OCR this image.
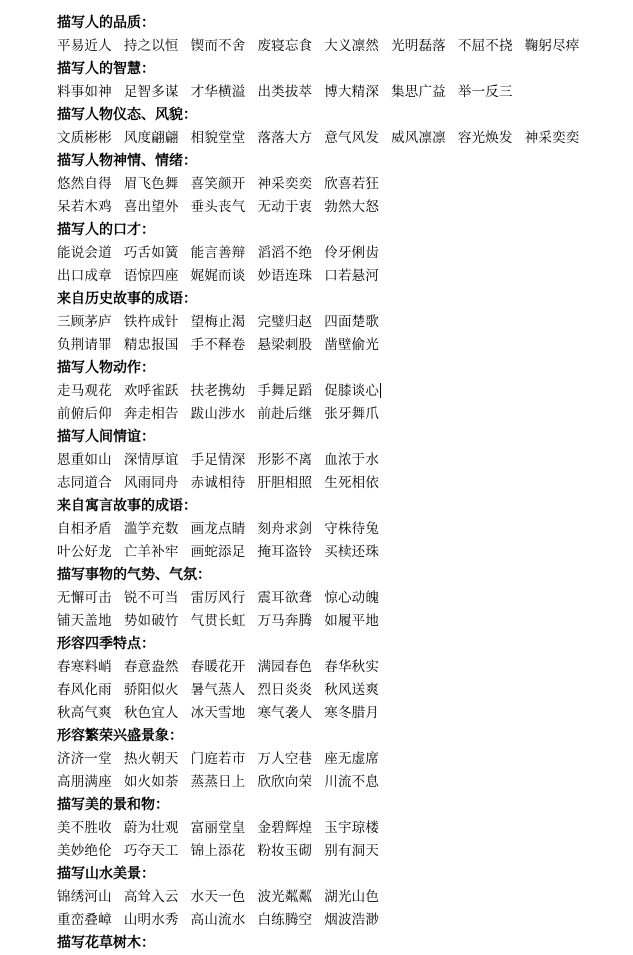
描写人的品质：
平易近人 持之以恒 锲而不舍 废寝忘食 大义凛然 光明磊落 不屈不挠 鞠躬尽瘁
描写人的智慧：
料事如神 足智多谋 才华横溢 出类拔萃 博大精深 集思广益 举一反三
描写人物仪态、风貌：
文质彬彬 风度翩翩 相貌堂堂 落落大方 意气风发 威风凛凛 容光焕发 神采奕奕
描写人物神情、情绪：
悠然自得 眉飞色舞 喜笑颜开 神采奕奕 欣喜若狂
呆若木鸡 喜出望外 垂头丧气 无动于衷 勃然大怒
描写人的口才：
能说会道 巧舌如簧 能言善辩 滔滔不绝 伶牙俐齿
出口成章 语惊四座 娓娓而谈 妙语连珠 口若悬河
来自历史故事的成语：
三顾茅庐 铁杵成针 望梅止渴 完璧归赵 四面楚歌
负荆请罪 精忠报国 手不释卷 悬梁刺股 凿壁偷光
描写人物动作：
走马观花 欢呼雀跃 扶老携幼 手舞足蹈 促膝谈心
前俯后仰 奔走相告 跋山涉水 前赴后继 张牙舞爪
描写人间情谊：
恩重如山 深情厚谊 手足情深 形影不离 血浓于水
志同道合 风雨同舟 赤诚相待 肝胆相照 生死相依
来自寓言故事的成语：
自相矛盾 滥竽充数 画龙点睛 刻舟求剑 守株待兔
叶公好龙 亡羊补牢 画蛇添足 掩耳盗铃 买椟还珠
描写事物的气势、气氛：
无懈可击 锐不可当 雷厉风行 震耳欲聋 惊心动魄
铺天盖地 势如破竹 气贯长虹 万马奔腾 如履平地
形容四季特点：
春寒料峭 春意盎然 春暖花开 满园春色 春华秋实
春风化雨 骄阳似火 暑气蒸人 烈日炎炎 秋风送爽
秋高气爽 秋色宜人 冰天雪地 寒气袭人 寒冬腊月
形容繁荣兴盛景象：
济济一堂 热火朝天 门庭若市 万人空巷 座无虚席
高朋满座 如火如荼 蒸蒸日上 欣欣向荣 川流不息
描写美的景和物：
美不胜收 蔚为壮观 富丽堂皇 金碧辉煌 玉宇琼楼
美妙绝伦 巧夺天工 锦上添花 粉妆玉砌 别有洞天
描写山水美景：
锦绣河山 高耸入云 水天一色 波光粼粼 湖光山色
重峦叠嶂 山明水秀 高山流水 白练腾空 烟波浩渺
描写花草树木：
